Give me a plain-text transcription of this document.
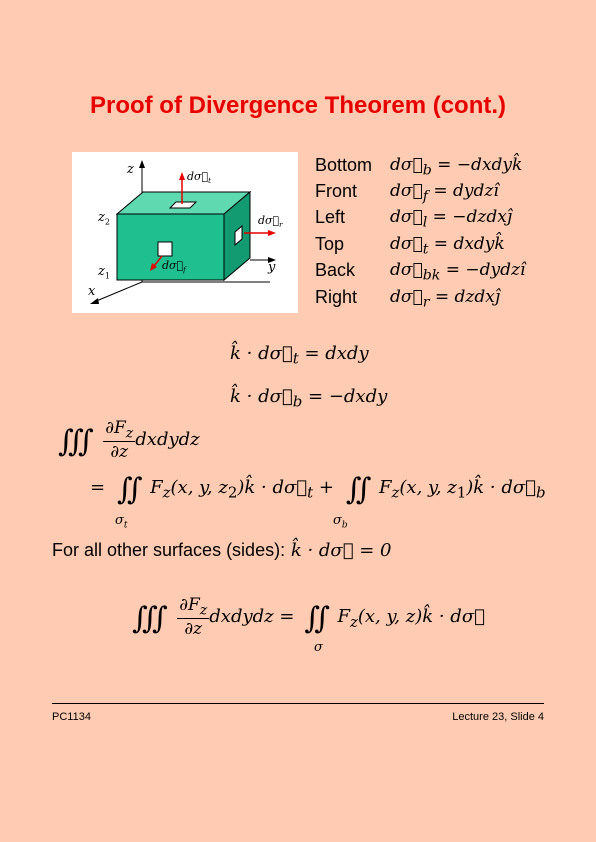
Proof of Divergence Theorem (cont.)
z
y
x
$z_2$
$z_1$
$d\sigma⃗_t$
$d\sigma⃗_r$
$d\sigma⃗_f$
Bottom $d\sigma⃗_b$ = −dxdyk̂
Front $d\sigma⃗_f$ = dydzî
Left	$d\sigma⃗_l$ = −dzdxĵ
Top	$d\sigma⃗_t$ = dxdyk̂
Back $d\sigma⃗_{bk}$ = −dydzî
Right $d\sigma⃗_r$ = dzdxĵ
k̂ · $d\sigma⃗_t$ = dxdy
k̂ · $d\sigma⃗_b$ = −dxdy
∭ $\frac{\partial F_z}{\partial z}$ dxdydz
= ∬ $F_z(x$, y, $z_2)k̂$ · $d\sigma⃗_t$ + ∬ $F_z(x$, y, $z_1)k̂$ · $d\sigma⃗_b$
$\sigma_t$	$\sigma_b$
For all other surfaces (sides): k̂ · dσ⃗ = 0
∭ $\frac{\partial F_z}{\partial z}$ dxdydz = ∬ $F_z(x$, y, z)k̂ · dσ⃗
σ
PC1134	Lecture 23, Slide 4
